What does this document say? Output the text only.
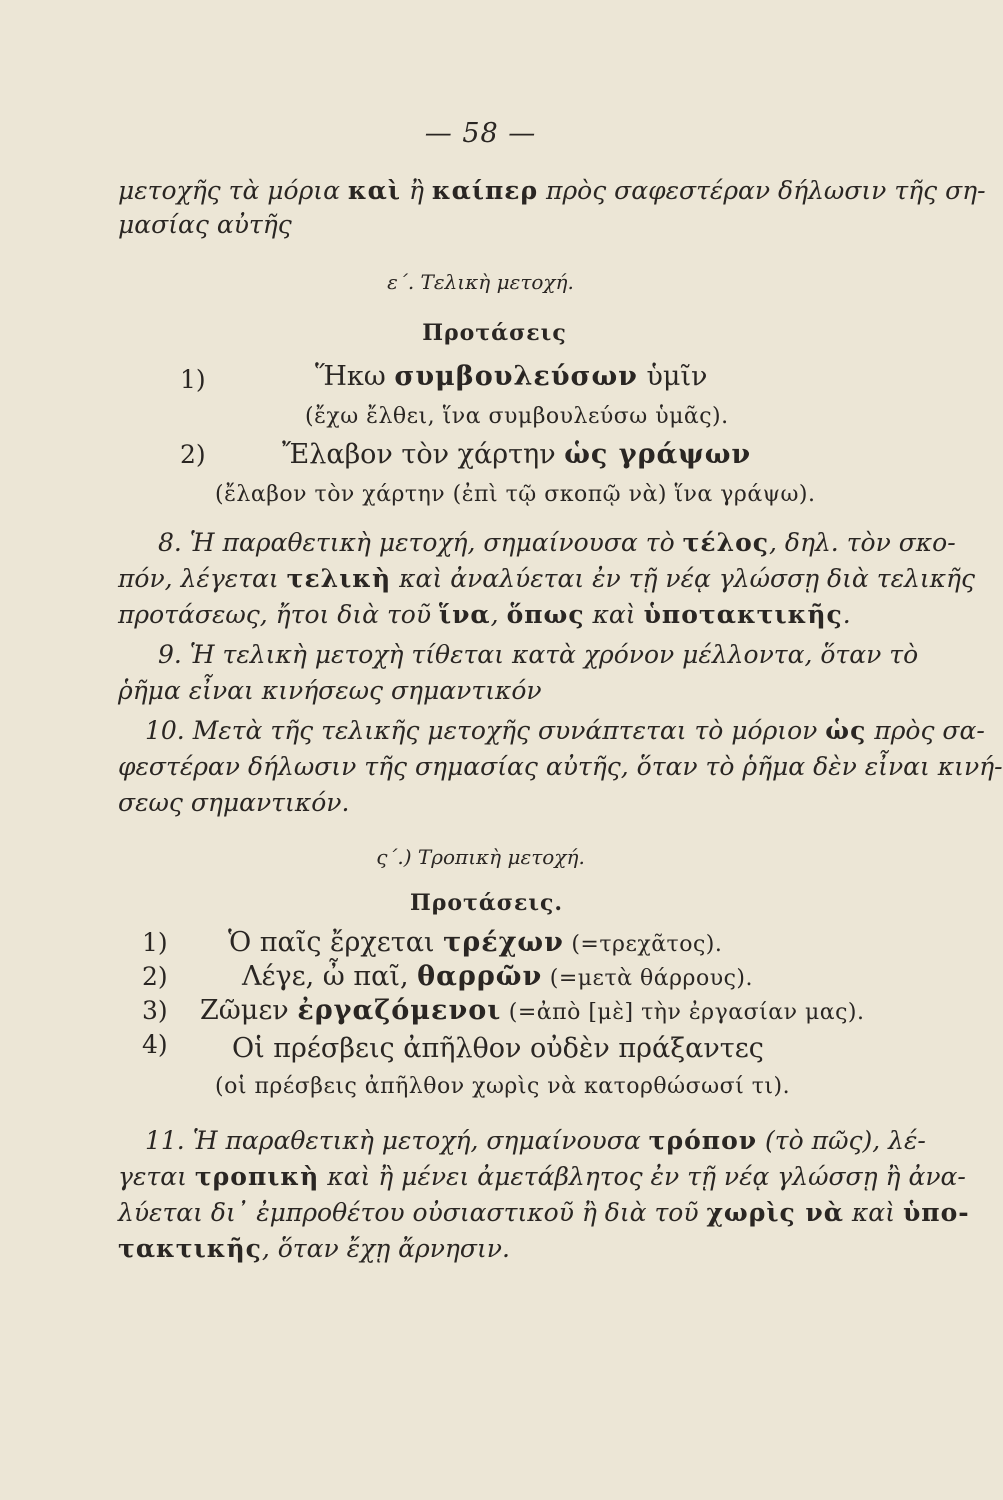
— 58 —
μετοχῆς τὰ μόρια καὶ ἢ καίπερ πρὸς σαφεστέραν δήλωσιν τῆς ση-
μασίας αὐτῆς
ε΄. Τελικὴ μετοχή.
Προτάσεις
1)	Ἥκω συμβουλεύσων ὑμῖν
(ἔχω ἔλθει, ἵνα συμβουλεύσω ὑμᾶς).
2)	Ἔλαβον τὸν χάρτην ὡς γράψων
(ἔλαβον τὸν χάρτην (ἐπὶ τῷ σκοπῷ νὰ) ἵνα γράψω).
8. Ἡ παραθετικὴ μετοχή, σημαίνουσα τὸ τέλος, δηλ. τὸν σκο-
πόν, λέγεται τελικὴ καὶ ἀναλύεται ἐν τῇ νέᾳ γλώσσῃ διὰ τελικῆς
προτάσεως, ἤτοι διὰ τοῦ ἵνα, ὅπως καὶ ὑποτακτικῆς.
9. Ἡ τελικὴ μετοχὴ τίθεται κατὰ χρόνον μέλλοντα, ὅταν τὸ
ῥῆμα εἶναι κινήσεως σημαντικόν
10. Μετὰ τῆς τελικῆς μετοχῆς συνάπτεται τὸ μόριον ὡς πρὸς σα-
φεστέραν δήλωσιν τῆς σημασίας αὐτῆς, ὅταν τὸ ῥῆμα δὲν εἶναι κινή-
σεως σημαντικόν.
ς΄.) Τροπικὴ μετοχή.
Προτάσεις.
1) Ὁ παῖς ἔρχεται τρέχων (=τρεχᾶτος).
2)	Λέγε, ὦ παῖ, θαρρῶν (=μετὰ θάρρους).
3) Ζῶμεν ἐργαζόμενοι (=ἀπὸ [μὲ] τὴν ἐργασίαν μας).
4) Οἱ πρέσβεις ἀπῆλθον οὐδὲν πράξαντες
(οἱ πρέσβεις ἀπῆλθον χωρὶς νὰ κατορθώσωσί τι).
11. Ἡ παραθετικὴ μετοχή, σημαίνουσα τρόπον (τὸ πῶς), λέ-
γεται τροπικὴ καὶ ἢ μένει ἀμετάβλητος ἐν τῇ νέᾳ γλώσσῃ ἢ ἀνα-
λύεται δι᾽ ἐμπροθέτου οὐσιαστικοῦ ἢ διὰ τοῦ χωρὶς νὰ καὶ ὑπο-
τακτικῆς, ὅταν ἔχῃ ἄρνησιν.
